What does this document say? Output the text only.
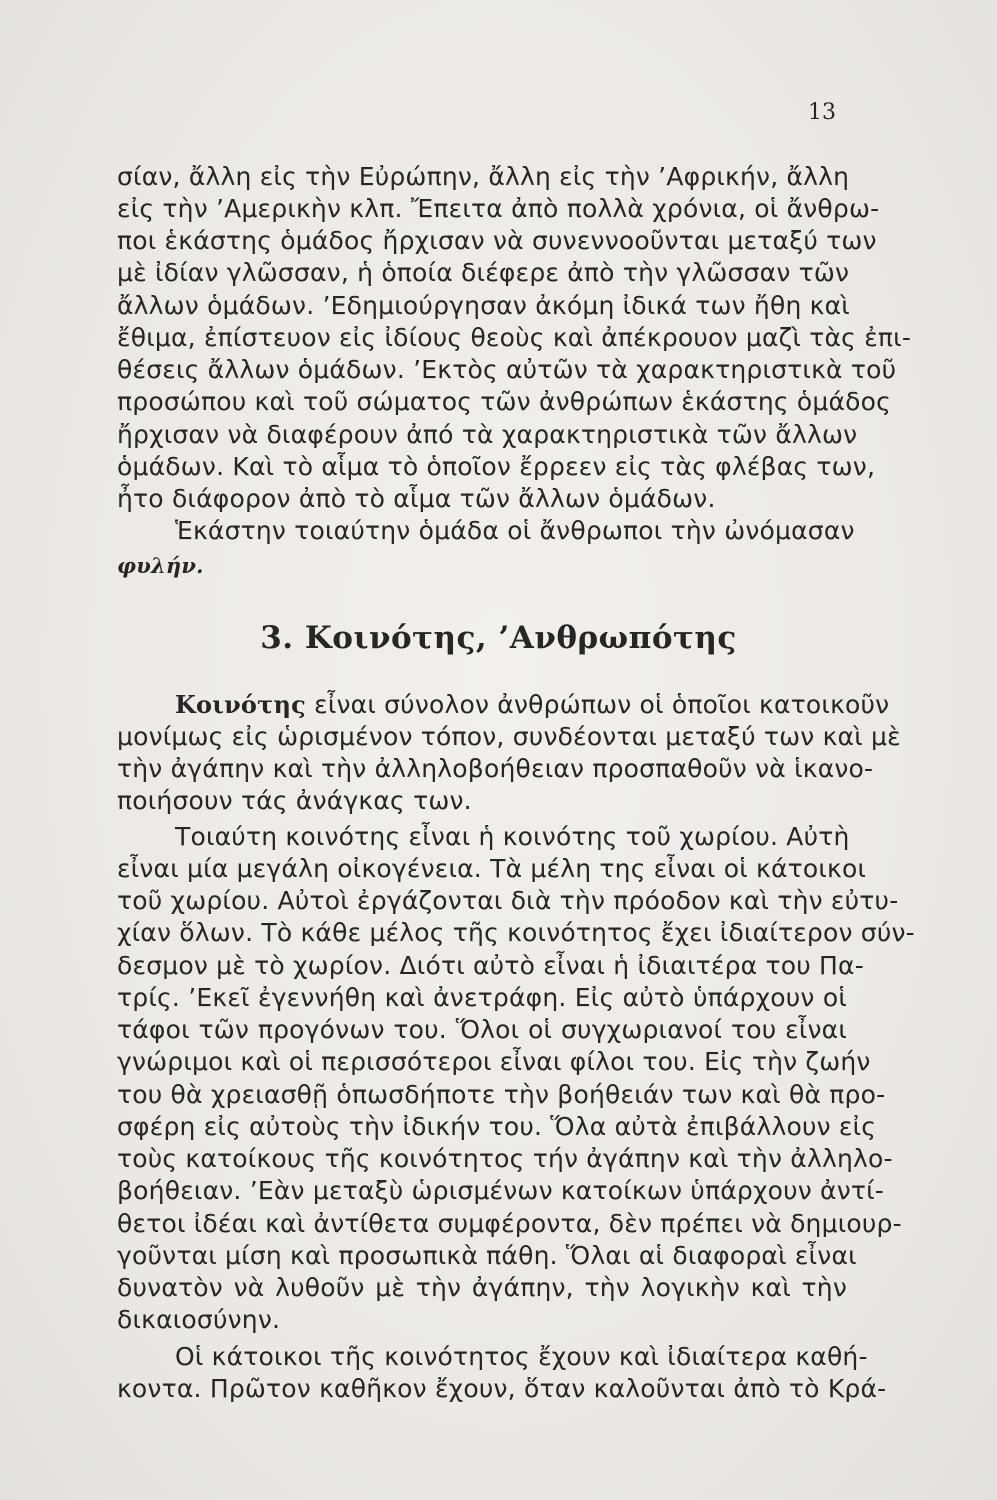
13
σίαν, ἄλλη εἰς τὴν Εὐρώπην, ἄλλη εἰς τὴν ’Αφρικήν, ἄλλη
εἰς τὴν ’Αμερικὴν κλπ. Ἔπειτα ἀπὸ πολλὰ χρόνια, οἱ ἄνθρω-
ποι ἑκάστης ὁμάδος ἤρχισαν νὰ συνεννοοῦνται μεταξύ των
μὲ ἰδίαν γλῶσσαν, ἡ ὁποία διέφερε ἀπὸ τὴν γλῶσσαν τῶν
ἄλλων ὁμάδων. ’Εδημιούργησαν ἀκόμη ἰδικά των ἤθη καὶ
ἔθιμα, ἐπίστευον εἰς ἰδίους θεοὺς καὶ ἀπέκρουον μαζὶ τὰς ἐπι-
θέσεις ἄλλων ὁμάδων. ’Εκτὸς αὐτῶν τὰ χαρακτηριστικὰ τοῦ
προσώπου καὶ τοῦ σώματος τῶν ἀνθρώπων ἑκάστης ὁμάδος
ἤρχισαν νὰ διαφέρουν ἀπό τὰ χαρακτηριστικὰ τῶν ἄλλων
ὁμάδων. Καὶ τὸ αἷμα τὸ ὁποῖον ἔρρεεν εἰς τὰς φλέβας των,
ἦτο διάφορον ἀπὸ τὸ αἷμα τῶν ἄλλων ὁμάδων.
Ἑκάστην τοιαύτην ὁμάδα οἱ ἄνθρωποι τὴν ὠνόμασαν
φυλήν.
3. Κοινότης, ’Ανθρωπότης
Κοινότης εἶναι σύνολον ἀνθρώπων οἱ ὁποῖοι κατοικοῦν
μονίμως εἰς ὡρισμένον τόπον, συνδέονται μεταξύ των καὶ μὲ
τὴν ἀγάπην καὶ τὴν ἀλληλοβοήθειαν προσπαθοῦν νὰ ἱκανο-
ποιήσουν τάς ἀνάγκας των.
Τοιαύτη κοινότης εἶναι ἡ κοινότης τοῦ χωρίου. Αὐτὴ
εἶναι μία μεγάλη οἰκογένεια. Τὰ μέλη της εἶναι οἱ κάτοικοι
τοῦ χωρίου. Αὐτοὶ ἐργάζονται διὰ τὴν πρόοδον καὶ τὴν εὐτυ-
χίαν ὅλων. Τὸ κάθε μέλος τῆς κοινότητος ἔχει ἰδιαίτερον σύν-
δεσμον μὲ τὸ χωρίον. Διότι αὐτὸ εἶναι ἡ ἰδιαιτέρα του Πα-
τρίς. ’Εκεῖ ἐγεννήθη καὶ ἀνετράφη. Εἰς αὐτὸ ὑπάρχουν οἱ
τάφοι τῶν προγόνων του. Ὅλοι οἱ συγχωριανοί του εἶναι
γνώριμοι καὶ οἱ περισσότεροι εἶναι φίλοι του. Εἰς τὴν ζωήν
του θὰ χρειασθῇ ὁπωσδήποτε τὴν βοήθειάν των καὶ θὰ προ-
σφέρη εἰς αὐτοὺς τὴν ἰδικήν του. Ὅλα αὐτὰ ἐπιβάλλουν εἰς
τοὺς κατοίκους τῆς κοινότητος τήν ἀγάπην καὶ τὴν ἀλληλο-
βοήθειαν. ’Εὰν μεταξὺ ὡρισμένων κατοίκων ὑπάρχουν ἀντί-
θετοι ἰδέαι καὶ ἀντίθετα συμφέροντα, δὲν πρέπει νὰ δημιουρ-
γοῦνται μίση καὶ προσωπικὰ πάθη. Ὅλαι αἱ διαφοραὶ εἶναι
δυνατὸν νὰ λυθοῦν μὲ τὴν ἀγάπην, τὴν λογικὴν καὶ τὴν
δικαιοσύνην.
Οἱ κάτοικοι τῆς κοινότητος ἔχουν καὶ ἰδιαίτερα καθή-
κοντα. Πρῶτον καθῆκον ἔχουν, ὅταν καλοῦνται ἀπὸ τὸ Κρά-
